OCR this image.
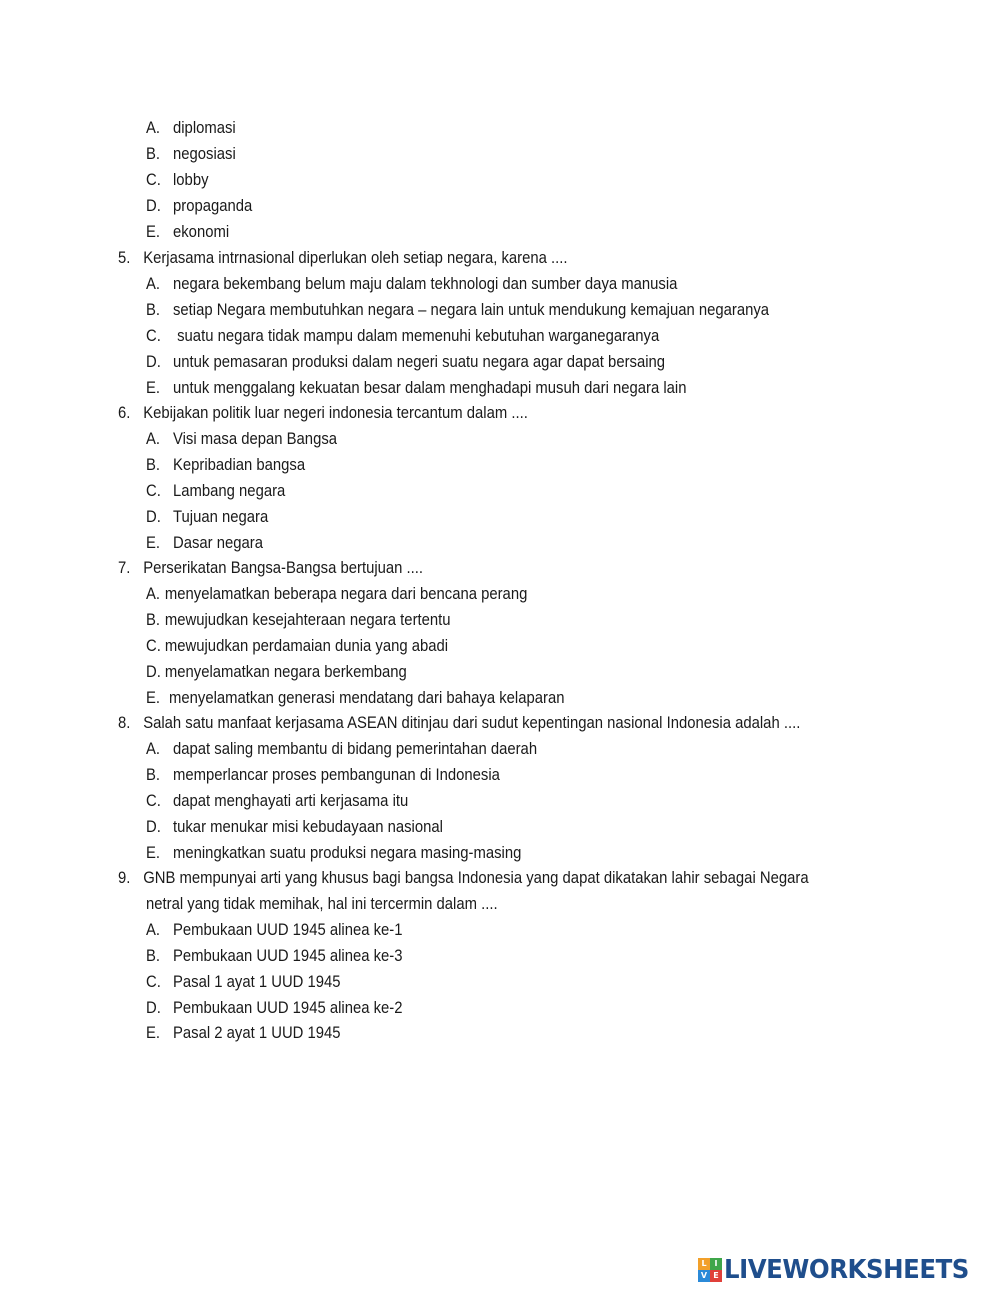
A. diplomasi
B. negosiasi
C. lobby
D. propaganda
E. ekonomi
5. Kerjasama intrnasional diperlukan oleh setiap negara, karena ....
A. negara bekembang belum maju dalam tekhnologi dan sumber daya manusia
B. setiap Negara membutuhkan negara – negara lain untuk mendukung kemajuan negaranya
C. suatu negara tidak mampu dalam memenuhi kebutuhan warganegaranya
D. untuk pemasaran produksi dalam negeri suatu negara agar dapat bersaing
E. untuk menggalang kekuatan besar dalam menghadapi musuh dari negara lain
6. Kebijakan politik luar negeri indonesia tercantum dalam ....
A. Visi masa depan Bangsa
B. Kepribadian bangsa
C. Lambang negara
D. Tujuan negara
E. Dasar negara
7. Perserikatan Bangsa-Bangsa bertujuan ....
A. menyelamatkan beberapa negara dari bencana perang
B. mewujudkan kesejahteraan negara tertentu
C. mewujudkan perdamaian dunia yang abadi
D. menyelamatkan negara berkembang
E. menyelamatkan generasi mendatang dari bahaya kelaparan
8. Salah satu manfaat kerjasama ASEAN ditinjau dari sudut kepentingan nasional Indonesia adalah ....
A. dapat saling membantu di bidang pemerintahan daerah
B. memperlancar proses pembangunan di Indonesia
C. dapat menghayati arti kerjasama itu
D. tukar menukar misi kebudayaan nasional
E. meningkatkan suatu produksi negara masing-masing
9. GNB mempunyai arti yang khusus bagi bangsa Indonesia yang dapat dikatakan lahir sebagai Negara
netral yang tidak memihak, hal ini tercermin dalam ....
A. Pembukaan UUD 1945 alinea ke-1
B. Pembukaan UUD 1945 alinea ke-3
C. Pasal 1 ayat 1 UUD 1945
D. Pembukaan UUD 1945 alinea ke-2
E. Pasal 2 ayat 1 UUD 1945
L I
V E LIVEWORKSHEETS
